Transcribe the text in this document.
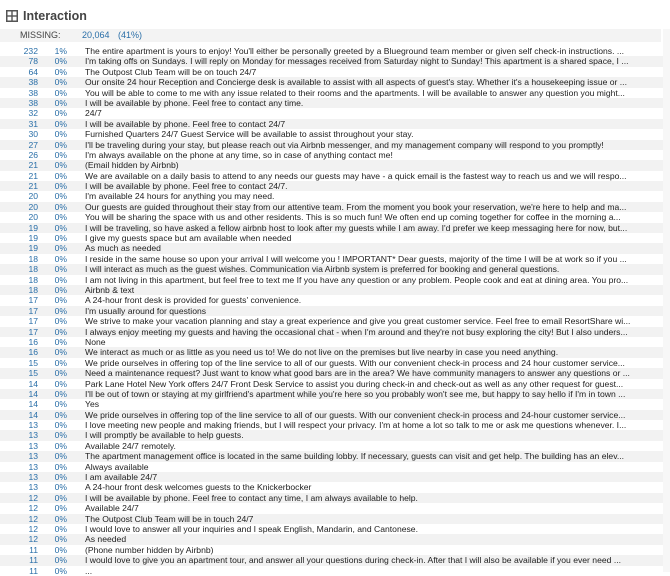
Interaction
MISSING: 20,064 (41%)
232 1% The entire apartment is yours to enjoy! You'll either be personally greeted by a Blueground team member or given self check-in instructions. ...
78 0% I'm taking offs on Sundays. I will reply on Monday for messages received from Saturday night to Sunday! This apartment is a shared space, I ...
64 0% The Outpost Club Team will be on touch 24/7
38 0% Our onsite 24 hour Reception and Concierge desk is available to assist with all aspects of guest's stay. Whether it's a housekeeping issue or ...
38 0% You will be able to come to me with any issue related to their rooms and the apartments. I will be available to answer any question you might...
38 0% I will be available by phone. Feel free to contact any time.
32 0% 24/7
31 0% I will be available by phone. Feel free to contact 24/7
30 0% Furnished Quarters 24/7 Guest Service will be available to assist throughout your stay.
27 0% I'll be traveling during your stay, but please reach out via Airbnb messenger, and my management company will respond to you promptly!
26 0% I'm always available on the phone at any time, so in case of anything contact me!
21 0% (Email hidden by Airbnb)
21 0% We are available on a daily basis to attend to any needs our guests may have - a quick email is the fastest way to reach us and we will respo...
21 0% I will be available by phone. Feel free to contact 24/7.
20 0% I'm available 24 hours for anything you may need.
20 0% Our guests are guided throughout their stay from our attentive team. From the moment you book your reservation, we're here to help and ma...
20 0% You will be sharing the space with us and other residents. This is so much fun! We often end up coming together for coffee in the morning a...
19 0% I will be traveling, so have asked a fellow airbnb host to look after my guests while I am away. I'd prefer we keep messaging here for now, but...
19 0% I give my guests space but am available when needed
19 0% As much as needed
18 0% I reside in the same house so upon your arrival I will welcome you ! IMPORTANT* Dear guests, majority of the time I will be at work so if you ...
18 0% I will interact as much as the guest wishes. Communication via Airbnb system is preferred for booking and general questions.
18 0% I am not living in this apartment, but feel free to text me If you have any question or any problem. People cook and eat at dining area. You pro...
18 0% Airbnb & text
17 0% A 24-hour front desk is provided for guests' convenience.
17 0% I'm usually around for questions
17 0% We strive to make your vacation planning and stay a great experience and give you great customer service. Feel free to email ResortShare wi...
17 0% I always enjoy meeting my guests and having the occasional chat - when I'm around and they're not busy exploring the city! But I also unders...
16 0% None
16 0% We interact as much or as little as you need us to! We do not live on the premises but live nearby in case you need anything.
15 0% We pride ourselves in offering top of the line service to all of our guests. With our convenient check-in process and 24 hour customer service...
15 0% Need a maintenance request? Just want to know what good bars are in the area? We have community managers to answer any questions or ...
14 0% Park Lane Hotel New York offers 24/7 Front Desk Service to assist you during check-in and check-out as well as any other request for guest...
14 0% I'll be out of town or staying at my girlfriend's apartment while you're here so you probably won't see me, but happy to say hello if I'm in town ...
14 0% Yes
14 0% We pride ourselves in offering top of the line service to all of our guests. With our convenient check-in process and 24-hour customer service...
13 0% I love meeting new people and making friends, but I will respect your privacy. I'm at home a lot so talk to me or ask me questions whenever. I...
13 0% I will promptly be available to help guests.
13 0% Available 24/7 remotely.
13 0% The apartment management office is located in the same building lobby. If necessary, guests can visit and get help. The building has an elev...
13 0% Always available
13 0% I am available 24/7
13 0% A 24-hour front desk welcomes guests to the Knickerbocker
12 0% I will be available by phone. Feel free to contact any time, I am always available to help.
12 0% Available 24/7
12 0% The Outpost Club Team will be in touch 24/7
12 0% I would love to answer all your inquiries and I speak English, Mandarin, and Cantonese.
12 0% As needed
11 0% (Phone number hidden by Airbnb)
11 0% I would love to give you an apartment tour, and answer all your questions during check-in. After that I will also be available if you ever need ...
11 0% ...
